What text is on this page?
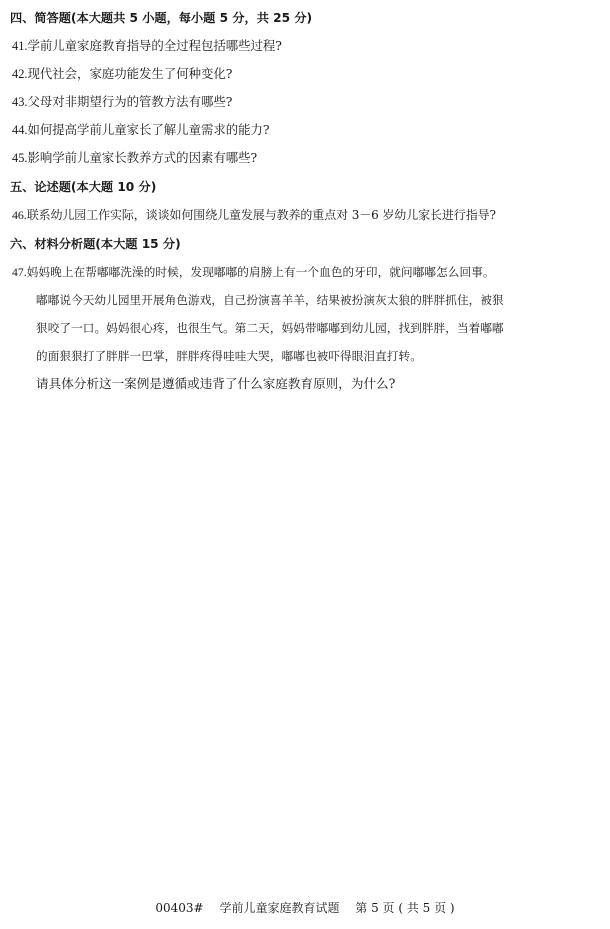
四、简答题(本大题共 5 小题，每小题 5 分，共 25 分)
41.学前儿童家庭教育指导的全过程包括哪些过程?
42.现代社会，家庭功能发生了何种变化?
43.父母对非期望行为的管教方法有哪些?
44.如何提高学前儿童家长了解儿童需求的能力?
45.影响学前儿童家长教养方式的因素有哪些?
五、论述题(本大题 10 分)
46.联系幼儿园工作实际，谈谈如何围绕儿童发展与教养的重点对 3－6 岁幼儿家长进行指导?
六、材料分析题(本大题 15 分)
47.妈妈晚上在帮嘟嘟洗澡的时候，发现嘟嘟的肩膀上有一个血色的牙印，就问嘟嘟怎么回事。
嘟嘟说今天幼儿园里开展角色游戏，自己扮演喜羊羊，结果被扮演灰太狼的胖胖抓住，被狠
狠咬了一口。妈妈很心疼，也很生气。第二天，妈妈带嘟嘟到幼儿园，找到胖胖，当着嘟嘟
的面狠狠打了胖胖一巴掌，胖胖疼得哇哇大哭，嘟嘟也被吓得眼泪直打转。
请具体分析这一案例是遵循或违背了什么家庭教育原则，为什么?
00403# 学前儿童家庭教育试题 第 5 页 ( 共 5 页 )
